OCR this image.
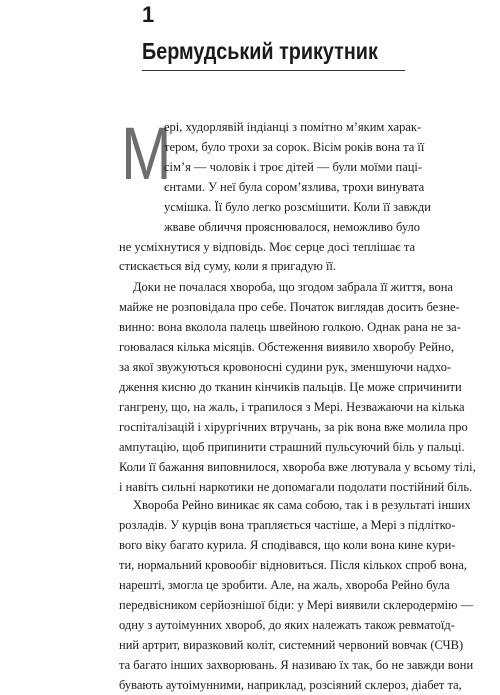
1
Бермудський трикутник
М
ері, худорлявій індіанці з помітно м’яким харак-
тером, було трохи за сорок. Вісім років вона та її
сім’я — чоловік і троє дітей — були моїми паці-
єнтами. У неї була сором’язлива, трохи винувата
усмішка. Її було легко розсмішити. Коли її завжди
жваве обличчя прояснювалося, неможливо було
не усміхнутися у відповідь. Моє серце досі теплішає та стискається від суму, коли я пригадую її.
Доки не почалася хвороба, що згодом забрала її життя, вона
майже не розповідала про себе. Початок виглядав досить безне-
винно: вона вколола палець швейною голкою. Однак рана не за-
гоювалася кілька місяців. Обстеження виявило хворобу Рейно,
за якої звужуються кровоносні судини рук, зменшуючи надхо-
дження кисню до тканин кінчиків пальців. Це може спричинити
гангрену, що, на жаль, і трапилося з Мері. Незважаючи на кілька
госпіталізацій і хірургічних втручань, за рік вона вже молила про
ампутацію, щоб припинити страшний пульсуючий біль у пальці.
Коли її бажання виповнилося, хвороба вже лютувала у всьому тілі,
і навіть сильні наркотики не допомагали подолати постійний біль.
Хвороба Рейно виникає як сама собою, так і в результаті інших
розладів. У курців вона трапляється частіше, а Мері з підлітко-
вого віку багато курила. Я сподівався, що коли вона кине кури-
ти, нормальний кровообіг відновиться. Після кількох спроб вона,
нарешті, змогла це зробити. Але, на жаль, хвороба Рейно була
передвісником серйознішої біди: у Мері виявили склеродермію —
одну з аутоімунних хвороб, до яких належать також ревматоїд-
ний артрит, виразковий коліт, системний червоний вовчак (СЧВ)
та багато інших захворювань. Я називаю їх так, бо не завжди вони
бувають аутоімунними, наприклад, розсіяний склероз, діабет та,
